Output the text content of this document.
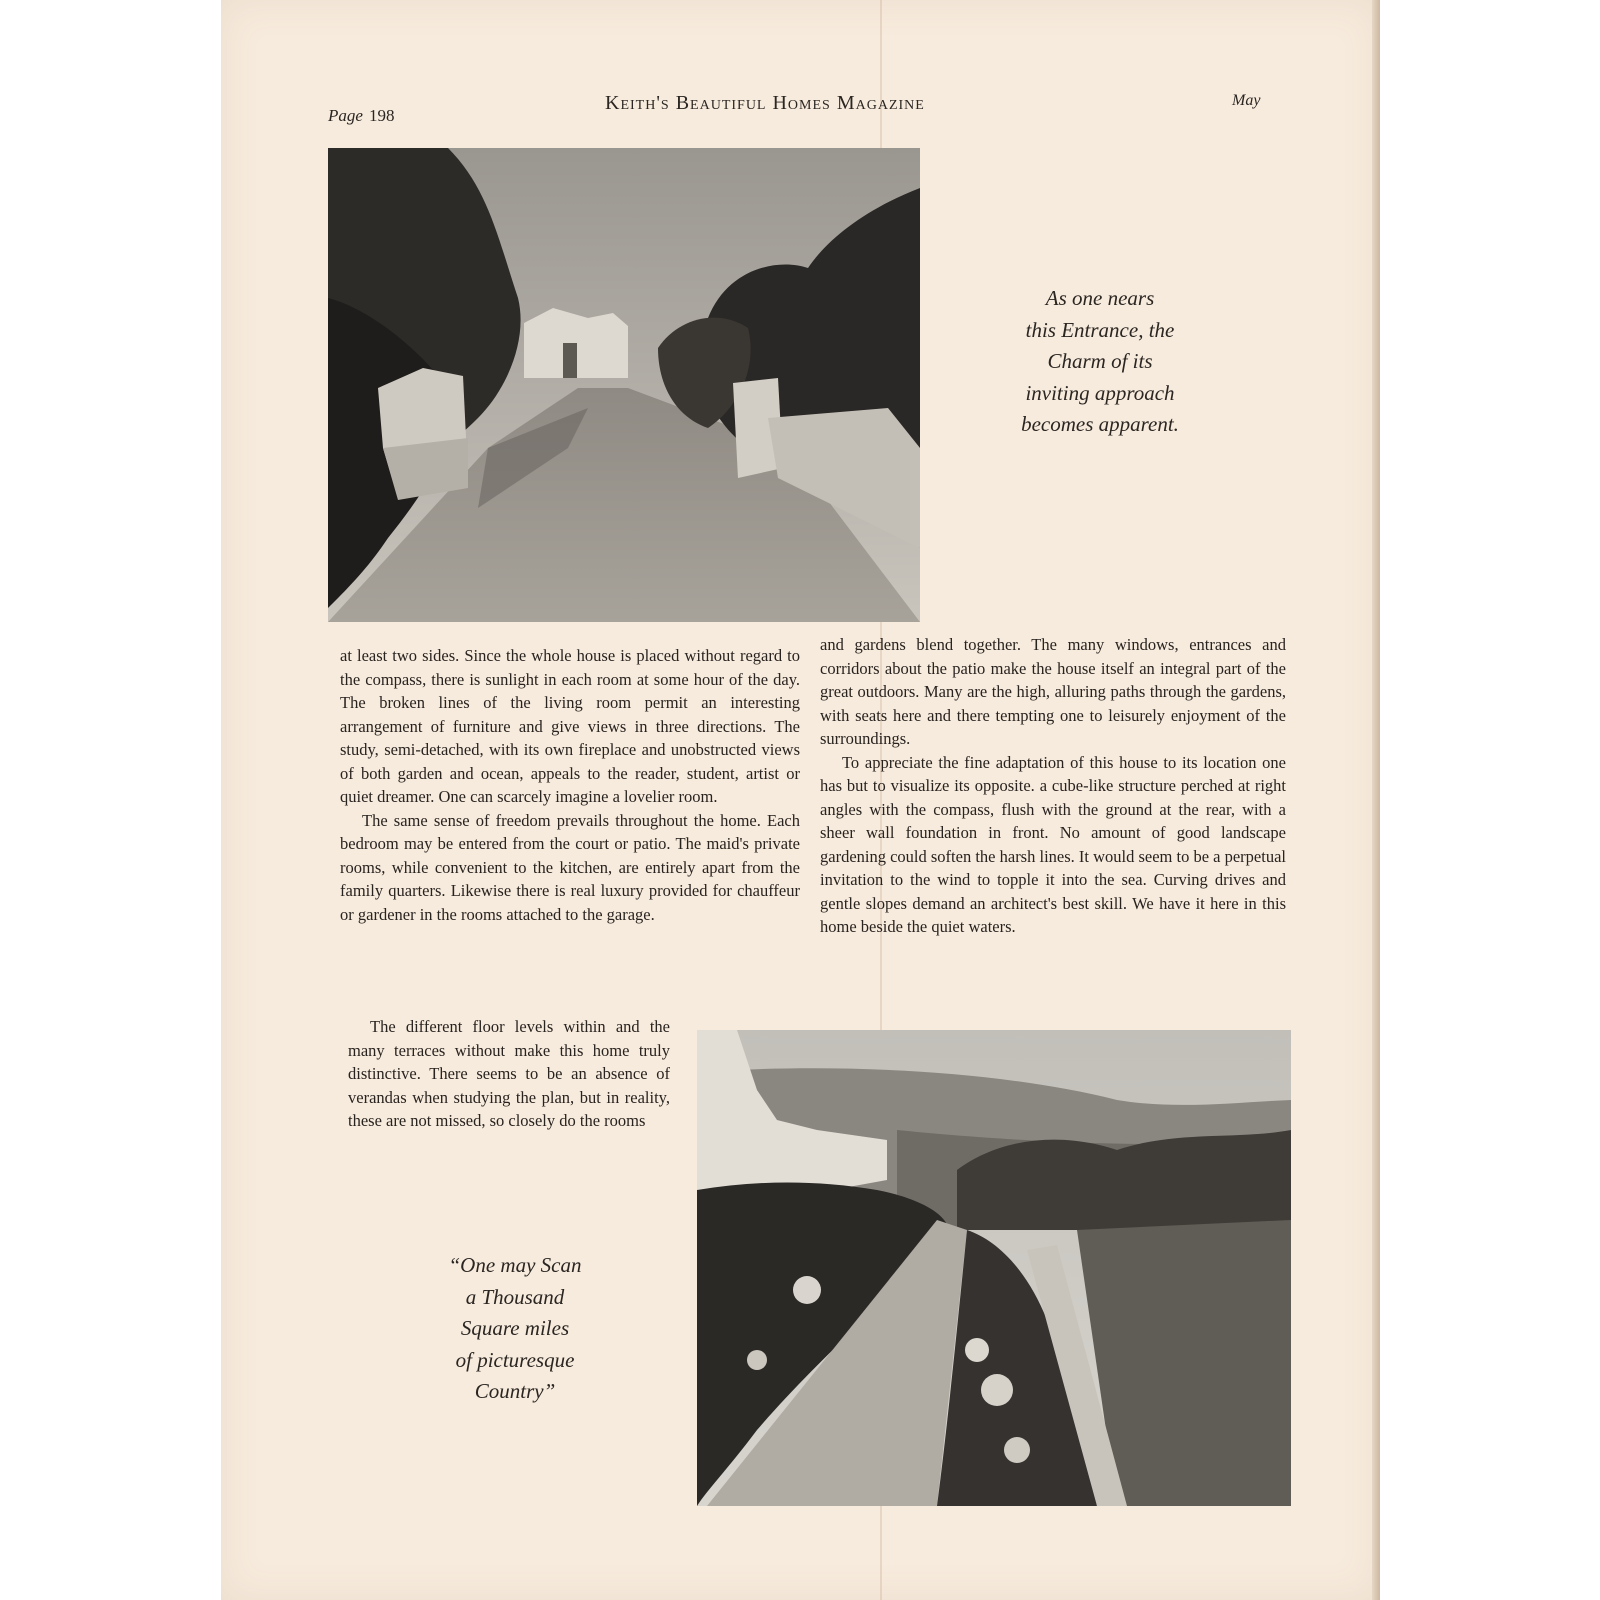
Page 198
Keith's Beautiful Homes Magazine	May
As one nears
this Entrance, the
Charm of its
inviting approach
becomes apparent.

at least two sides. Since the whole house is placed without regard to the compass, there is sunlight in each room at some hour of the day. The broken lines of the living room permit an interesting arrangement of furniture and give views in three directions. The study, semi-detached, with its own fireplace and unobstructed views of both garden and ocean, appeals to the reader, student, artist or quiet dreamer. One can scarcely imagine a lovelier room.

The same sense of freedom prevails throughout the home. Each bedroom may be entered from the court or patio. The maid's private rooms, while convenient to the kitchen, are entirely apart from the family quarters. Likewise there is real luxury provided for chauffeur or gardener in the rooms attached to the garage.

The different floor levels within and the many terraces without make this home truly distinctive. There seems to be an absence of verandas when studying the plan, but in reality, these are not missed, so closely do the rooms

and gardens blend together. The many windows, entrances and corridors about the patio make the house itself an integral part of the great outdoors. Many are the high, alluring paths through the gardens, with seats here and there tempting one to leisurely enjoyment of the surroundings.

To appreciate the fine adaptation of this house to its location one has but to visualize its opposite. a cube-like structure perched at right angles with the compass, flush with the ground at the rear, with a sheer wall foundation in front. No amount of good landscape gardening could soften the harsh lines. It would seem to be a perpetual invitation to the wind to topple it into the sea. Curving drives and gentle slopes demand an architect's best skill. We have it here in this home beside the quiet waters.

“One may Scan
a Thousand
Square miles
of picturesque
Country”
